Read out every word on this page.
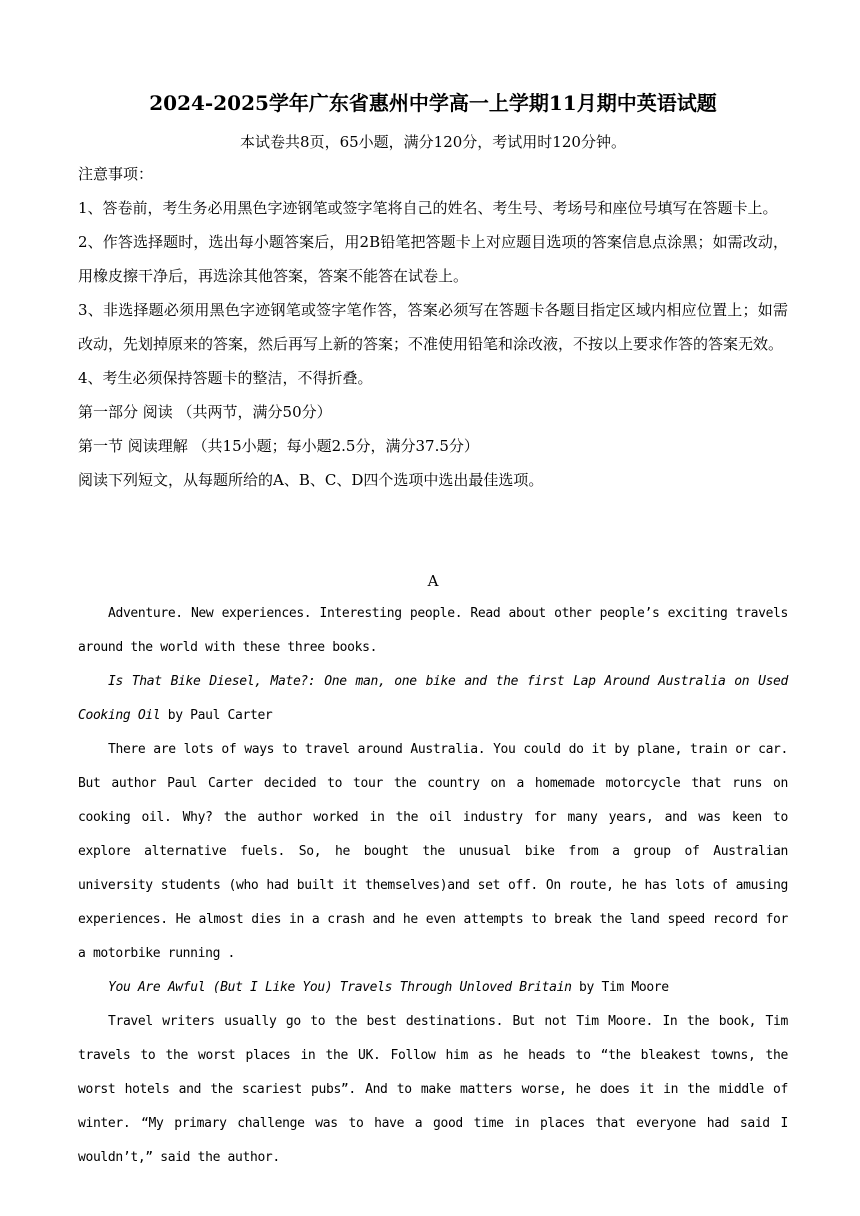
2024-2025学年广东省惠州中学高一上学期11月期中英语试题
本试卷共8页，65小题，满分120分，考试用时120分钟。

注意事项：

1、答卷前，考生务必用黑色字迹钢笔或签字笔将自己的姓名、考生号、考场号和座位号填写在答题卡上。

2、作答选择题时，选出每小题答案后，用2B铅笔把答题卡上对应题目选项的答案信息点涂黑；如需改动，用橡皮擦干净后，再选涂其他答案，答案不能答在试卷上。

3、非选择题必须用黑色字迹钢笔或签字笔作答，答案必须写在答题卡各题目指定区域内相应位置上；如需改动，先划掉原来的答案，然后再写上新的答案；不准使用铅笔和涂改液，不按以上要求作答的答案无效。

4、考生必须保持答题卡的整洁，不得折叠。

第一部分 阅读 （共两节，满分50分）

第一节 阅读理解 （共15小题；每小题2.5分，满分37.5分）

阅读下列短文，从每题所给的A、B、C、D四个选项中选出最佳选项。

A

Adventure. New experiences. Interesting people. Read about other people’s exciting travels around the world with these three books.

Is That Bike Diesel, Mate?: One man, one bike and the first Lap Around Australia on Used Cooking Oil by Paul Carter

There are lots of ways to travel around Australia. You could do it by plane, train or car. But author Paul Carter decided to tour the country on a homemade motorcycle that runs on cooking oil. Why? the author worked in the oil industry for many years, and was keen to explore alternative fuels. So, he bought the unusual bike from a group of Australian university students (who had built it themselves)and set off. On route, he has lots of amusing experiences. He almost dies in a crash and he even attempts to break the land speed record for a motorbike running .

You Are Awful (But I Like You) Travels Through Unloved Britain by Tim Moore

Travel writers usually go to the best destinations. But not Tim Moore. In the book, Tim travels to the worst places in the UK. Follow him as he heads to “the bleakest towns, the worst hotels and the scariest pubs”. And to make matters worse, he does it in the middle of winter. “My primary challenge was to have a good time in places that everyone had said I wouldn’t,” said the author.
